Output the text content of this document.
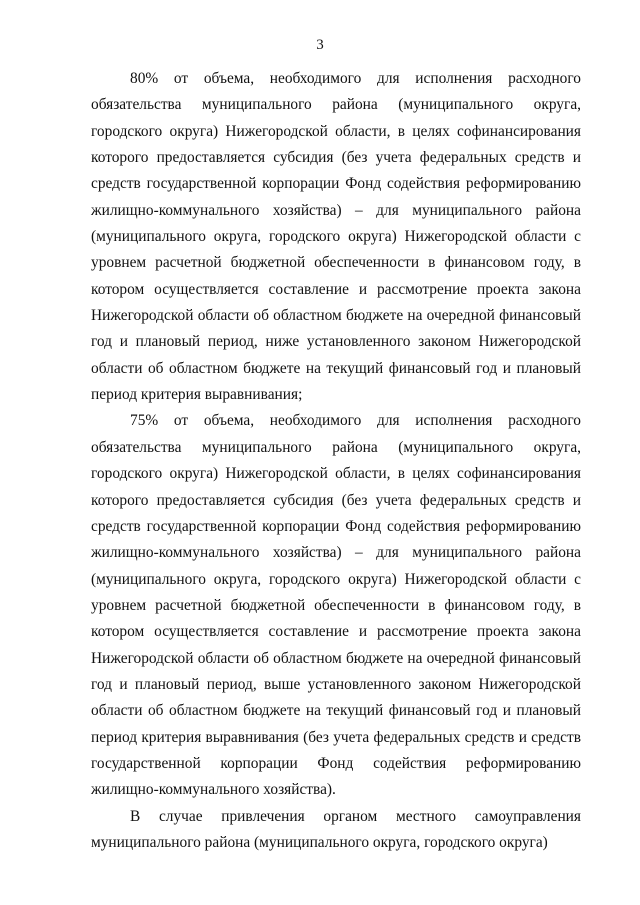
3

80% от объема, необходимого для исполнения расходного обязательства муниципального района (муниципального округа, городского округа) Нижегородской области, в целях софинансирования которого предоставляется субсидия (без учета федеральных средств и средств государственной корпорации Фонд содействия реформированию жилищно-коммунального хозяйства) – для муниципального района (муниципального округа, городского округа) Нижегородской области с уровнем расчетной бюджетной обеспеченности в финансовом году, в котором осуществляется составление и рассмотрение проекта закона Нижегородской области об областном бюджете на очередной финансовый год и плановый период, ниже установленного законом Нижегородской области об областном бюджете на текущий финансовый год и плановый период критерия выравнивания;

75% от объема, необходимого для исполнения расходного обязательства муниципального района (муниципального округа, городского округа) Нижегородской области, в целях софинансирования которого предоставляется субсидия (без учета федеральных средств и средств государственной корпорации Фонд содействия реформированию жилищно-коммунального хозяйства) – для муниципального района (муниципального округа, городского округа) Нижегородской области с уровнем расчетной бюджетной обеспеченности в финансовом году, в котором осуществляется составление и рассмотрение проекта закона Нижегородской области об областном бюджете на очередной финансовый год и плановый период, выше установленного законом Нижегородской области об областном бюджете на текущий финансовый год и плановый период критерия выравнивания (без учета федеральных средств и средств государственной корпорации Фонд содействия реформированию жилищно-коммунального хозяйства).

В случае привлечения органом местного самоуправления муниципального района (муниципального округа, городского округа)
